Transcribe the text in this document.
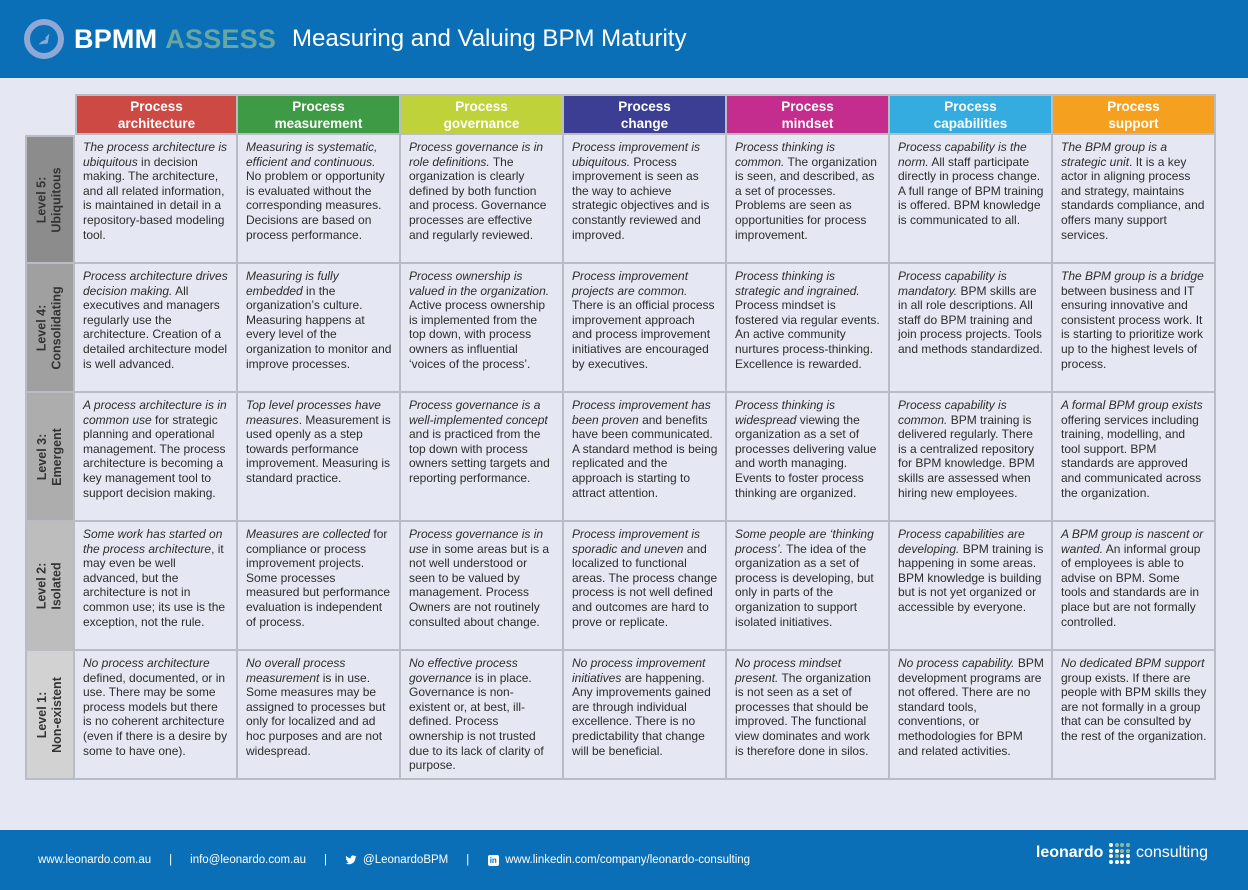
BPMM ASSESS Measuring and Valuing BPM Maturity
Process
architecture
Process
measurement
Process
governance
Process
change
Process
mindset
Process
capabilities
Process
support
Level 5: Ubiquitous
The process architecture is ubiquitous in decision making. The architecture, and all related information, is maintained in detail in a repository-based modeling tool.
Measuring is systematic, efficient and continuous. No problem or opportunity is evaluated without the corresponding measures. Decisions are based on process performance.
Process governance is in role definitions. The organization is clearly defined by both function and process. Governance processes are effective and regularly reviewed.
Process improvement is ubiquitous. Process improvement is seen as the way to achieve strategic objectives and is constantly reviewed and improved.
Process thinking is common. The organization is seen, and described, as a set of processes. Problems are seen as opportunities for process improvement.
Process capability is the norm. All staff participate directly in process change. A full range of BPM training is offered. BPM knowledge is communicated to all.
The BPM group is a strategic unit. It is a key actor in aligning process and strategy, maintains standards compliance, and offers many support services.
Level 4: Consolidating
Process architecture drives decision making. All executives and managers regularly use the architecture. Creation of a detailed architecture model is well advanced.
Measuring is fully embedded in the organization’s culture. Measuring happens at every level of the organization to monitor and improve processes.
Process ownership is valued in the organization. Active process ownership is implemented from the top down, with process owners as influential ‘voices of the process’.
Process improvement projects are common. There is an official process improvement approach and process improvement initiatives are encouraged by executives.
Process thinking is strategic and ingrained. Process mindset is fostered via regular events. An active community nurtures process-thinking. Excellence is rewarded.
Process capability is mandatory. BPM skills are in all role descriptions. All staff do BPM training and join process projects. Tools and methods standardized.
The BPM group is a bridge between business and IT ensuring innovative and consistent process work. It is starting to prioritize work up to the highest levels of process.
Level 3: Emergent
A process architecture is in common use for strategic planning and operational management. The process architecture is becoming a key management tool to support decision making.
Top level processes have measures. Measurement is used openly as a step towards performance improvement. Measuring is standard practice.
Process governance is a well-implemented concept and is practiced from the top down with process owners setting targets and reporting performance.
Process improvement has been proven and benefits have been communicated. A standard method is being replicated and the approach is starting to attract attention.
Process thinking is widespread viewing the organization as a set of processes delivering value and worth managing. Events to foster process thinking are organized.
Process capability is common. BPM training is delivered regularly. There is a centralized repository for BPM knowledge. BPM skills are assessed when hiring new employees.
A formal BPM group exists offering services including training, modelling, and tool support. BPM standards are approved and communicated across the organization.
Level 2: Isolated
Some work has started on the process architecture, it may even be well advanced, but the architecture is not in common use; its use is the exception, not the rule.
Measures are collected for compliance or process improvement projects. Some processes measured but performance evaluation is independent of process.
Process governance is in use in some areas but is a not well understood or seen to be valued by management. Process Owners are not routinely consulted about change.
Process improvement is sporadic and uneven and localized to functional areas. The process change process is not well defined and outcomes are hard to prove or replicate.
Some people are ‘thinking process’. The idea of the organization as a set of process is developing, but only in parts of the organization to support isolated initiatives.
Process capabilities are developing. BPM training is happening in some areas. BPM knowledge is building but is not yet organized or accessible by everyone.
A BPM group is nascent or wanted. An informal group of employees is able to advise on BPM. Some tools and standards are in place but are not formally controlled.
Level 1: Non-existent
No process architecture defined, documented, or in use. There may be some process models but there is no coherent architecture (even if there is a desire by some to have one).
No overall process measurement is in use. Some measures may be assigned to processes but only for localized and ad hoc purposes and are not widespread.
No effective process governance is in place. Governance is non-existent or, at best, ill-defined. Process ownership is not trusted due to its lack of clarity of purpose.
No process improvement initiatives are happening. Any improvements gained are through individual excellence. There is no predictability that change will be beneficial.
No process mindset present. The organization is not seen as a set of processes that should be improved. The functional view dominates and work is therefore done in silos.
No process capability. BPM development programs are not offered. There are no standard tools, conventions, or methodologies for BPM and related activities.
No dedicated BPM support group exists. If there are people with BPM skills they are not formally in a group that can be consulted by the rest of the organization.
www.leonardo.com.au | info@leonardo.com.au |	@LeonardoBPM |	in www.linkedin.com/company/leonardo-consulting	leonardo consulting
